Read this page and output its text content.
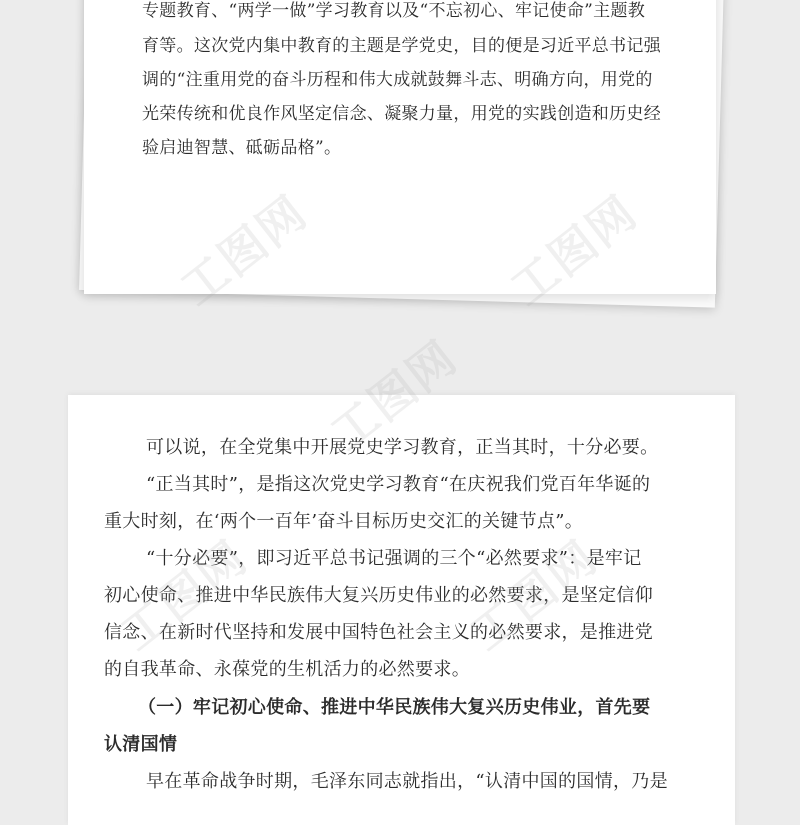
专题教育、“两学一做”学习教育以及“不忘初心、牢记使命”主题教
育等。这次党内集中教育的主题是学党史，目的便是习近平总书记强
调的“注重用党的奋斗历程和伟大成就鼓舞斗志、明确方向，用党的
光荣传统和优良作风坚定信念、凝聚力量，用党的实践创造和历史经
验启迪智慧、砥砺品格”。
可以说，在全党集中开展党史学习教育，正当其时，十分必要。
“正当其时”，是指这次党史学习教育“在庆祝我们党百年华诞的
重大时刻，在‘两个一百年’奋斗目标历史交汇的关键节点”。
“十分必要”，即习近平总书记强调的三个“必然要求”：是牢记
初心使命、推进中华民族伟大复兴历史伟业的必然要求，是坚定信仰
信念、在新时代坚持和发展中国特色社会主义的必然要求，是推进党
的自我革命、永葆党的生机活力的必然要求。
（一）牢记初心使命、推进中华民族伟大复兴历史伟业，首先要
认清国情
早在革命战争时期，毛泽东同志就指出，“认清中国的国情，乃是
